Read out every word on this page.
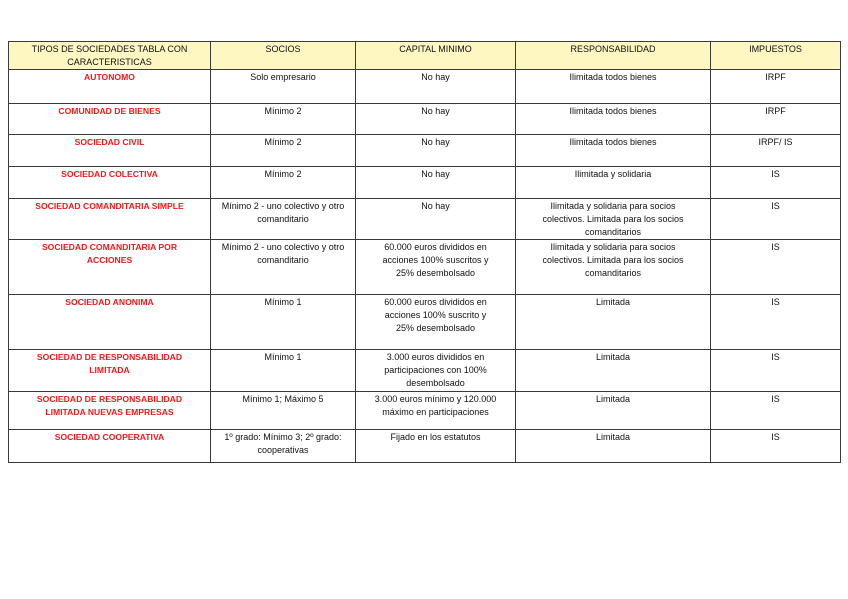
TIPOS DE SOCIEDADES TABLA CON CARACTERISTICAS	SOCIOS	CAPITAL MINIMO	RESPONSABILIDAD	IMPUESTOS
AUTONOMO	Solo empresario	No hay	Ilimitada todos bienes	IRPF
COMUNIDAD DE BIENES	Mínimo 2	No hay	Ilimitada todos bienes	IRPF
SOCIEDAD CIVIL	Mínimo 2	No hay	Ilimitada todos bienes	IRPF/ IS
SOCIEDAD COLECTIVA	Mínimo 2	No hay	Ilimitada y solidaria	IS
SOCIEDAD COMANDITARIA SIMPLE	Mínimo 2 - uno colectivo y otro comanditario	No hay	Ilimitada y solidaria para socios colectivos. Limitada para los socios comanditarios	IS
SOCIEDAD COMANDITARIA POR ACCIONES	Mínimo 2 - uno colectivo y otro comanditario	60.000 euros divididos en acciones 100% suscritos y 25% desembolsado	Ilimitada y solidaria para socios colectivos. Limitada para los socios comanditarios	IS
SOCIEDAD ANONIMA	Mínimo 1	60.000 euros divididos en acciones 100% suscrito y 25% desembolsado	Limitada	IS
SOCIEDAD DE RESPONSABILIDAD LIMITADA	Mínimo 1	3.000 euros divididos en participaciones con 100% desembolsado	Limitada	IS
SOCIEDAD DE RESPONSABILIDAD LIMITADA NUEVAS EMPRESAS	Mínimo 1; Máximo 5	3.000 euros mínimo y 120.000 máximo en participaciones	Limitada	IS
SOCIEDAD COOPERATIVA	1º grado: Mínimo 3; 2º grado: cooperativas	Fijado en los estatutos	Limitada	IS
